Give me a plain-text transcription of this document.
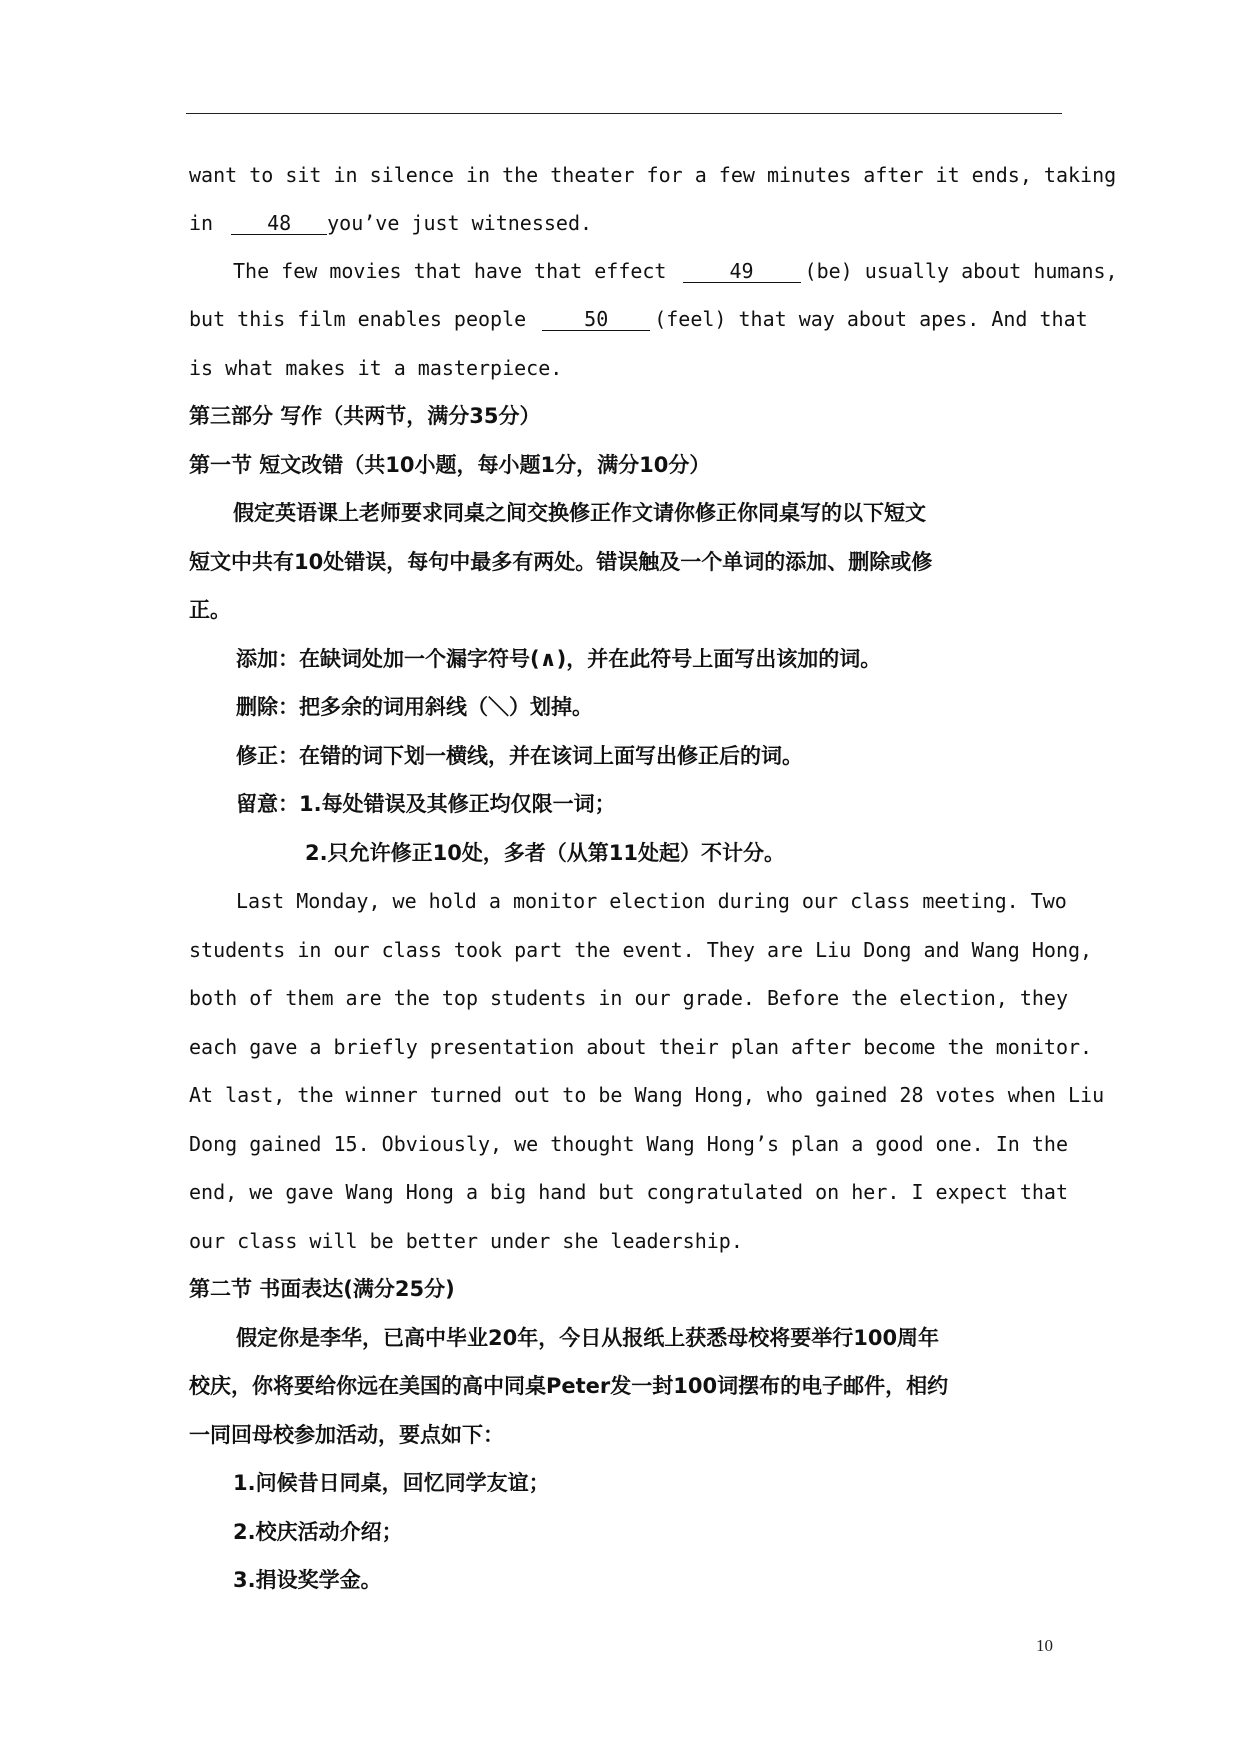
want to sit in silence in the theater for a few minutes after it ends, taking
in	48 you’ve just witnessed.
The few movies that have that effect	49	(be) usually about humans,
but this film enables people	50 (feel) that way about apes. And that
is what makes it a masterpiece.
第三部分 写作（共两节，满分35分）
第一节 短文改错（共10小题，每小题1分，满分10分）
假定英语课上老师要求同桌之间交换修正作文请你修正你同桌写的以下短文
短文中共有10处错误，每句中最多有两处。错误触及一个单词的添加、删除或修
正。
添加：在缺词处加一个漏字符号(∧)，并在此符号上面写出该加的词。
删除：把多余的词用斜线（＼）划掉。
修正：在错的词下划一横线，并在该词上面写出修正后的词。
留意：1.每处错误及其修正均仅限一词；
2.只允许修正10处，多者（从第11处起）不计分。
Last Monday, we hold a monitor election during our class meeting. Two
students in our class took part the event. They are Liu Dong and Wang Hong,
both of them are the top students in our grade. Before the election, they
each gave a briefly presentation about their plan after become the monitor.
At last, the winner turned out to be Wang Hong, who gained 28 votes when Liu
Dong gained 15. Obviously, we thought Wang Hong’s plan a good one. In the
end, we gave Wang Hong a big hand but congratulated on her. I expect that
our class will be better under she leadership.
第二节 书面表达(满分25分)
假定你是李华，已高中毕业20年，今日从报纸上获悉母校将要举行100周年
校庆，你将要给你远在美国的高中同桌Peter发一封100词摆布的电子邮件，相约
一同回母校参加活动，要点如下：
1.问候昔日同桌，回忆同学友谊；
2.校庆活动介绍；
3.捐设奖学金。
10
